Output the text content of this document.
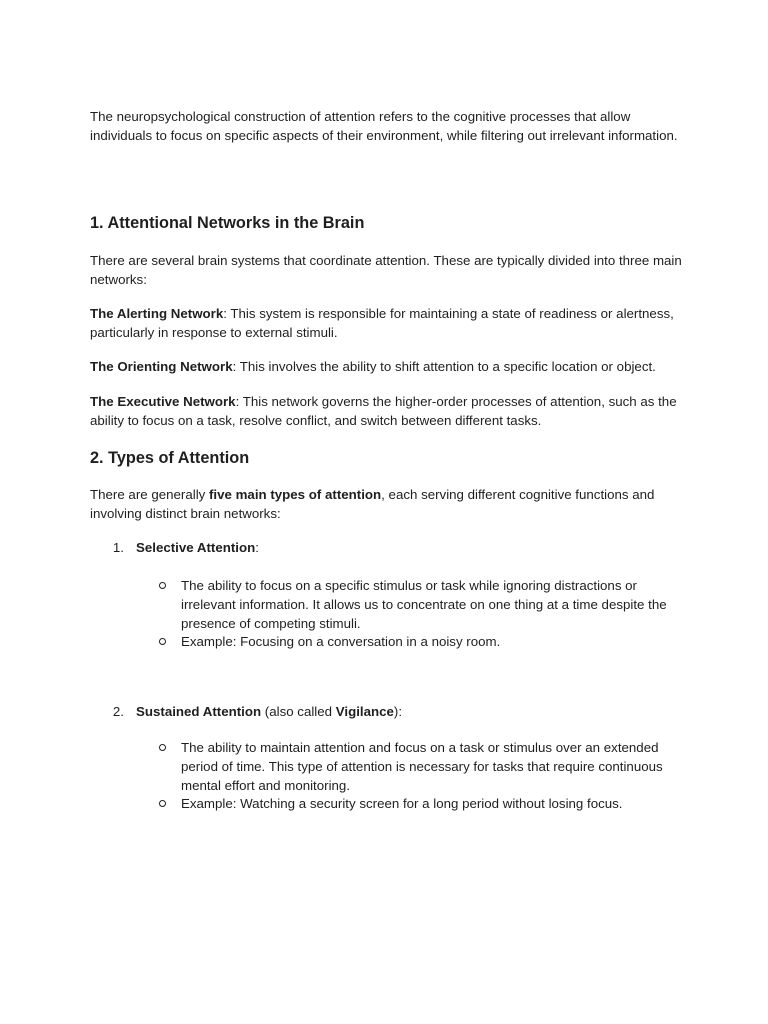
The neuropsychological construction of attention refers to the cognitive processes that allow individuals to focus on specific aspects of their environment, while filtering out irrelevant information.

1. Attentional Networks in the Brain

There are several brain systems that coordinate attention. These are typically divided into three main networks:

The Alerting Network: This system is responsible for maintaining a state of readiness or alertness, particularly in response to external stimuli.

The Orienting Network: This involves the ability to shift attention to a specific location or object.

The Executive Network: This network governs the higher-order processes of attention, such as the ability to focus on a task, resolve conflict, and switch between different tasks.

2. Types of Attention

There are generally five main types of attention, each serving different cognitive functions and involving distinct brain networks:

1. Selective Attention:

The ability to focus on a specific stimulus or task while ignoring distractions or irrelevant information. It allows us to concentrate on one thing at a time despite the presence of competing stimuli.
Example: Focusing on a conversation in a noisy room.
2. Sustained Attention (also called Vigilance):

The ability to maintain attention and focus on a task or stimulus over an extended period of time. This type of attention is necessary for tasks that require continuous mental effort and monitoring.
Example: Watching a security screen for a long period without losing focus.
